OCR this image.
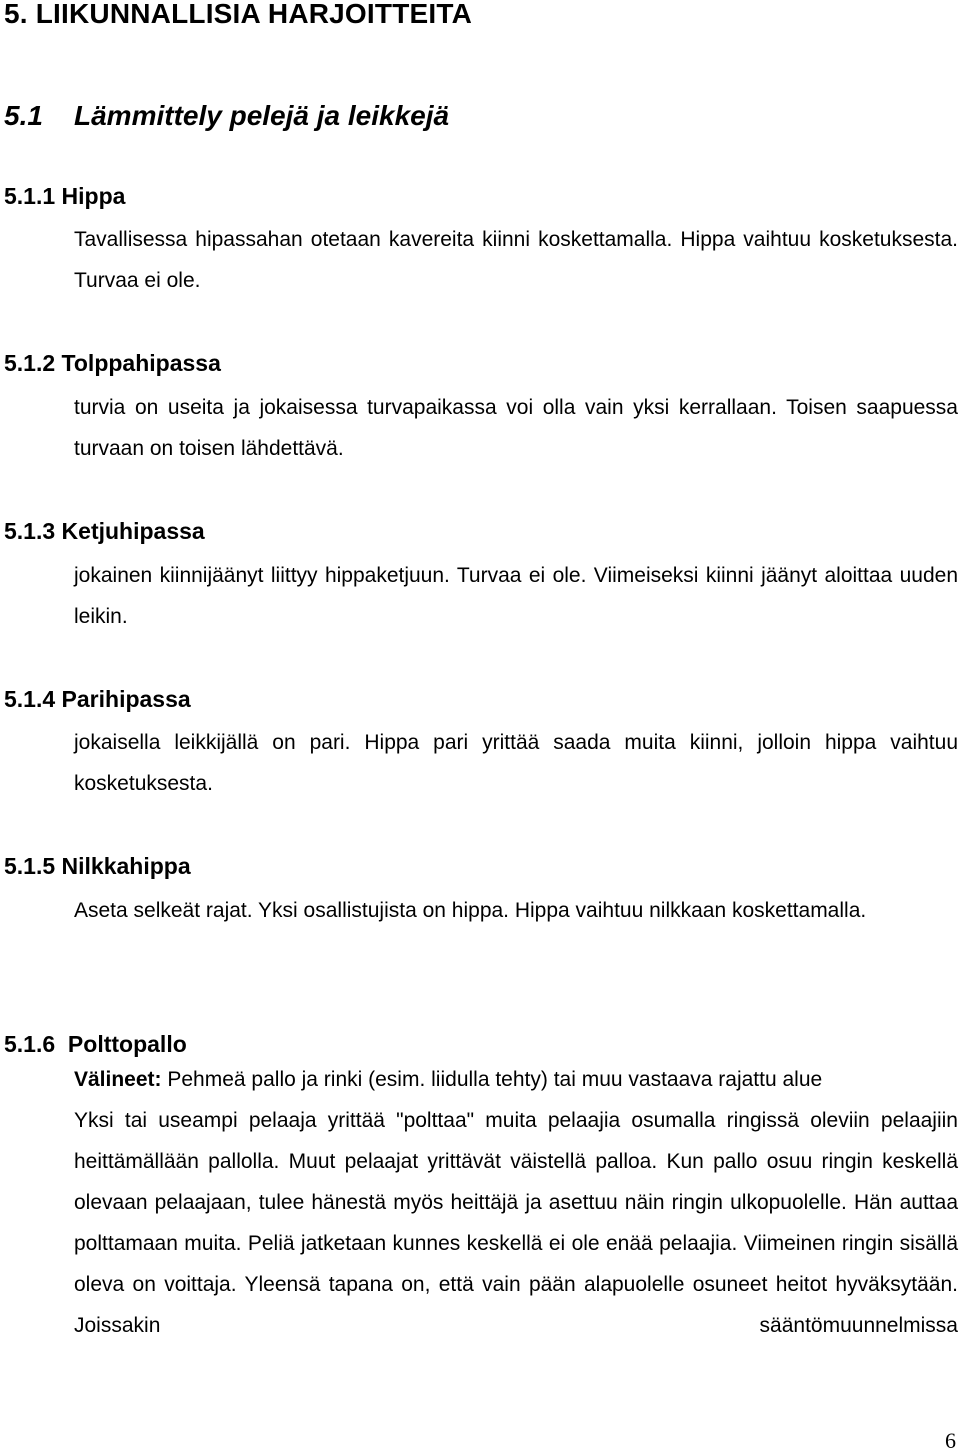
5. LIIKUNNALLISIA HARJOITTEITA
5.1 Lämmittely pelejä ja leikkejä
5.1.1 Hippa
Tavallisessa hipassahan otetaan kavereita kiinni koskettamalla. Hippa vaihtuu kosketuksesta. Turvaa ei ole.
5.1.2 Tolppahipassa
turvia on useita ja jokaisessa turvapaikassa voi olla vain yksi kerrallaan. Toisen saapuessa turvaan on toisen lähdettävä.
5.1.3 Ketjuhipassa
jokainen kiinnijäänyt liittyy hippaketjuun. Turvaa ei ole. Viimeiseksi kiinni jäänyt aloittaa uuden leikin.
5.1.4 Parihipassa
jokaisella leikkijällä on pari. Hippa pari yrittää saada muita kiinni, jolloin hippa vaihtuu kosketuksesta.
5.1.5 Nilkkahippa
Aseta selkeät rajat. Yksi osallistujista on hippa. Hippa vaihtuu nilkkaan koskettamalla.
5.1.6  Polttopallo
Välineet: Pehmeä pallo ja rinki (esim. liidulla tehty) tai muu vastaava rajattu alue
Yksi tai useampi pelaaja yrittää "polttaa" muita pelaajia osumalla ringissä oleviin pelaajiin heittämällään pallolla. Muut pelaajat yrittävät väistellä palloa. Kun pallo osuu ringin keskellä olevaan pelaajaan, tulee hänestä myös heittäjä ja asettuu näin ringin ulkopuolelle. Hän auttaa polttamaan muita. Peliä jatketaan kunnes keskellä ei ole enää pelaajia. Viimeinen ringin sisällä oleva on voittaja. Yleensä tapana on, että vain pään alapuolelle osuneet heitot hyväksytään. Joissakin sääntömuunnelmissa
6
